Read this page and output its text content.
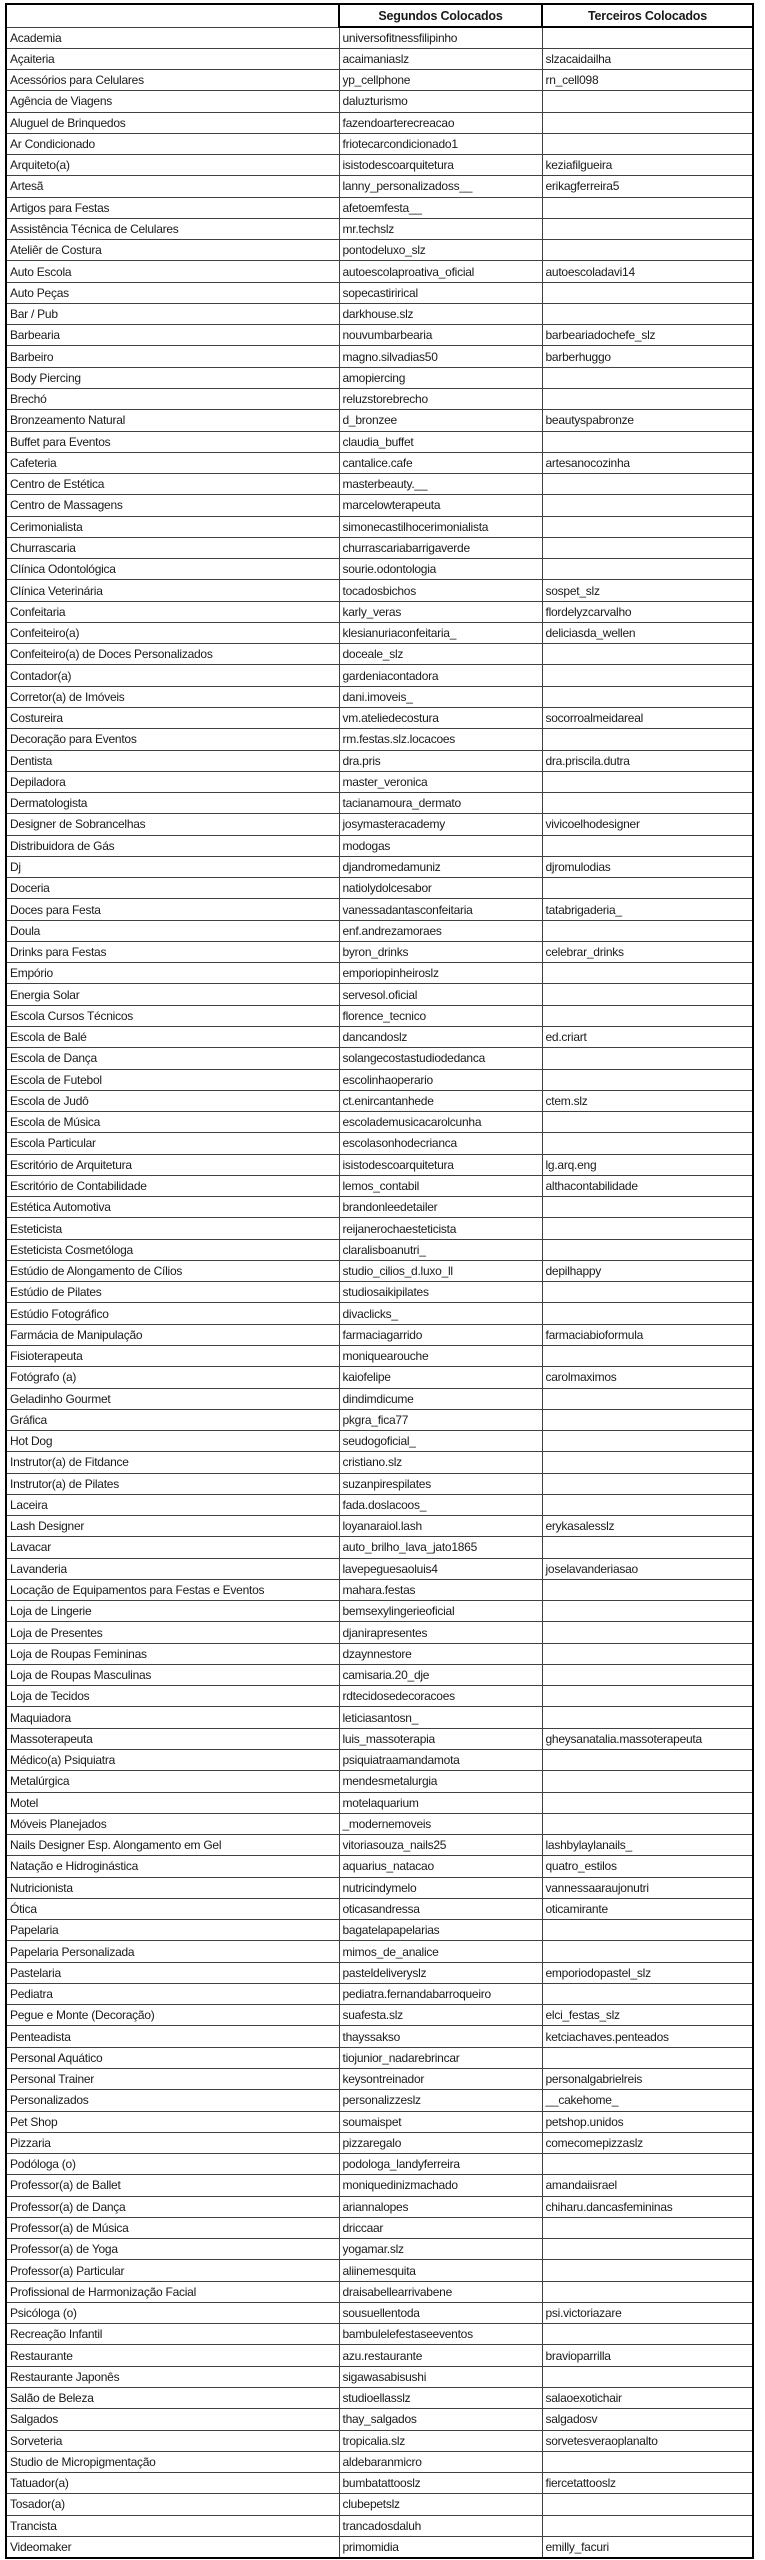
	Segundos Colocados	Terceiros Colocados
Academia	universofitnessfilipinho	
Açaiteria	acaimaniaslz	slzacaidailha
Acessórios para Celulares	yp_cellphone	rn_cell098
Agência de Viagens	daluzturismo	
Aluguel de Brinquedos	fazendoarterecreacao	
Ar Condicionado	friotecarcondicionado1	
Arquiteto(a)	isistodescoarquitetura	keziafilgueira
Artesã	lanny_personalizadoss__	erikagferreira5
Artigos para Festas	afetoemfesta__	
Assistência Técnica de Celulares	mr.techslz	
Ateliêr de Costura	pontodeluxo_slz	
Auto Escola	autoescolaproativa_oficial	autoescoladavi14
Auto Peças	sopecastirirical	
Bar / Pub	darkhouse.slz	
Barbearia	nouvumbarbearia	barbeariadochefe_slz
Barbeiro	magno.silvadias50	barberhuggo
Body Piercing	amopiercing	
Brechó	reluzstorebrecho	
Bronzeamento Natural	d_bronzee	beautyspabronze
Buffet para Eventos	claudia_buffet	
Cafeteria	cantalice.cafe	artesanocozinha
Centro de Estética	masterbeauty.__	
Centro de Massagens	marcelowterapeuta	
Cerimonialista	simonecastilhocerimonialista	
Churrascaria	churrascariabarrigaverde	
Clínica Odontológica	sourie.odontologia	
Clínica Veterinária	tocadosbichos	sospet_slz
Confeitaria	karly_veras	flordelyzcarvalho
Confeiteiro(a)	klesianuriaconfeitaria_	deliciasda_wellen
Confeiteiro(a) de Doces Personalizados	doceale_slz	
Contador(a)	gardeniacontadora	
Corretor(a) de Imóveis	dani.imoveis_	
Costureira	vm.ateliedecostura	socorroalmeidareal
Decoração para Eventos	rm.festas.slz.locacoes	
Dentista	dra.pris	dra.priscila.dutra
Depiladora	master_veronica	
Dermatologista	tacianamoura_dermato	
Designer de Sobrancelhas	josymasteracademy	vivicoelhodesigner
Distribuidora de Gás	modogas	
Dj	djandromedamuniz	djromulodias
Doceria	natiolydolcesabor	
Doces para Festa	vanessadantasconfeitaria	tatabrigaderia_
Doula	enf.andrezamoraes	
Drinks para Festas	byron_drinks	celebrar_drinks
Empório	emporiopinheiroslz	
Energia Solar	servesol.oficial	
Escola Cursos Técnicos	florence_tecnico	
Escola de Balé	dancandoslz	ed.criart
Escola de Dança	solangecostastudiodedanca	
Escola de Futebol	escolinhaoperario	
Escola de Judô	ct.enircantanhede	ctem.slz
Escola de Música	escolademusicacarolcunha	
Escola Particular	escolasonhodecrianca	
Escritório de Arquitetura	isistodescoarquitetura	lg.arq.eng
Escritório de Contabilidade	lemos_contabil	althacontabilidade
Estética Automotiva	brandonleedetailer	
Esteticista	reijanerochaesteticista	
Esteticista Cosmetóloga	claralisboanutri_	
Estúdio de Alongamento de Cílios	studio_cilios_d.luxo_ll	depilhappy
Estúdio de Pilates	studiosaikipilates	
Estúdio Fotográfico	divaclicks_	
Farmácia de Manipulação	farmaciagarrido	farmaciabioformula
Fisioterapeuta	moniquearouche	
Fotógrafo (a)	kaiofelipe	carolmaximos
Geladinho Gourmet	dindimdicume	
Gráfica	pkgra_fica77	
Hot Dog	seudogoficial_	
Instrutor(a) de Fitdance	cristiano.slz	
Instrutor(a) de Pilates	suzanpirespilates	
Laceira	fada.doslacoos_	
Lash Designer	loyanaraiol.lash	erykasalesslz
Lavacar	auto_brilho_lava_jato1865	
Lavanderia	lavepeguesaoluis4	joselavanderiasao
Locação de Equipamentos para Festas e Eventos	mahara.festas	
Loja de Lingerie	bemsexylingerieoficial	
Loja de Presentes	djanirapresentes	
Loja de Roupas Femininas	dzaynnestore	
Loja de Roupas Masculinas	camisaria.20_dje	
Loja de Tecidos	rdtecidosedecoracoes	
Maquiadora	leticiasantosn_	
Massoterapeuta	luis_massoterapia	gheysanatalia.massoterapeuta
Médico(a) Psiquiatra	psiquiatraamandamota	
Metalúrgica	mendesmetalurgia	
Motel	motelaquarium	
Móveis Planejados	_modernemoveis	
Nails Designer Esp. Alongamento em Gel	vitoriasouza_nails25	lashbylaylanails_
Natação e Hidroginástica	aquarius_natacao	quatro_estilos
Nutricionista	nutricindymelo	vannessaaraujonutri
Ótica	oticasandressa	oticamirante
Papelaria	bagatelapapelarias	
Papelaria Personalizada	mimos_de_analice	
Pastelaria	pasteldeliveryslz	emporiodopastel_slz
Pediatra	pediatra.fernandabarroqueiro	
Pegue e Monte (Decoração)	suafesta.slz	elci_festas_slz
Penteadista	thayssakso	ketciachaves.penteados
Personal Aquático	tiojunior_nadarebrincar	
Personal Trainer	keysontreinador	personalgabrielreis
Personalizados	personalizzeslz	__cakehome_
Pet Shop	soumaispet	petshop.unidos
Pizzaria	pizzaregalo	comecomepizzaslz
Podóloga (o)	podologa_landyferreira	
Professor(a) de Ballet	moniquedinizmachado	amandaiisrael
Professor(a) de Dança	ariannalopes	chiharu.dancasfemininas
Professor(a) de Música	driccaar	
Professor(a) de Yoga	yogamar.slz	
Professor(a) Particular	aliinemesquita	
Profissional de Harmonização Facial	draisabellearrivabene	
Psicóloga (o)	sousuellentoda	psi.victoriazare
Recreação Infantil	bambulelefestaseeventos	
Restaurante	azu.restaurante	bravioparrilla
Restaurante Japonês	sigawasabisushi	
Salão de Beleza	studioellasslz	salaoexotichair
Salgados	thay_salgados	salgadosv
Sorveteria	tropicalia.slz	sorvetesveraoplanalto
Studio de Micropigmentação	aldebaranmicro	
Tatuador(a)	bumbatattooslz	fiercetattooslz
Tosador(a)	clubepetslz	
Trancista	trancadosdaluh	
Videomaker	primomidia	emilly_facuri
